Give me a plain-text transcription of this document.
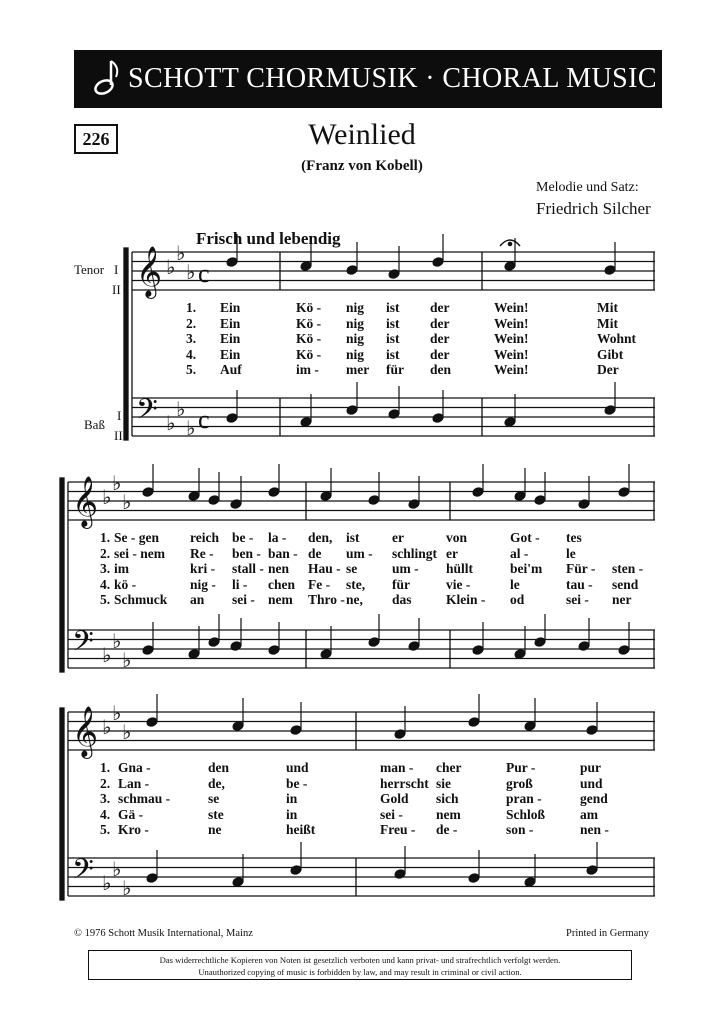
SCHOTT CHORMUSIK · CHORAL MUSIC
226	Weinlied
(Franz von Kobell)
Melodie und Satz:
Friedrich Silcher
Frisch und lebendig
Tenor I
II
Baß
I
II
𝄞 ♭
♭
♭ c
𝄢 ♭
♭
♭ c
𝄞 ♭
♭
♭
𝄢 ♭
♭
♭
𝄞 ♭
♭
♭
𝄢 ♭
♭
♭
1. Ein	Kö - nig ist der	Wein!	Mit
2. Ein	Kö - nig ist der	Wein!	Mit
3. Ein	Kö - nig ist der	Wein!	Wohnt
4. Ein	Kö - nig ist der	Wein!	Gibt
5. Auf	im - mer für den	Wein!	Der
1. Se - gen reich be - la - den, ist er	von	Got - tes
2. sei - nem Re - ben - ban - de um - schlingt er	al -	le
3. im	kri - stall - nen Hau - se	um - hüllt	bei'm Für - sten -
4. kö -	nig - li - chen Fe - ste, für	vie -	le	tau - send
5. Schmuck an sei - nem Thro - ne, das	Klein - od	sei - ner
1. Gna -	den	und	man - cher	Pur -	pur
2. Lan -	de,	be -	herrscht sie	groß	und
3. schmau -	se	in	Gold sich	pran -	gend
4. Gä -	ste	in	sei - nem	Schloß	am
5. Kro -	ne	heißt	Freu - de -	son -	nen -
© 1976 Schott Musik International, Mainz	Printed in Germany
Das widerrechtliche Kopieren von Noten ist gesetzlich verboten und kann privat- und strafrechtlich verfolgt werden.
Unauthorized copying of music is forbidden by law, and may result in criminal or civil action.
